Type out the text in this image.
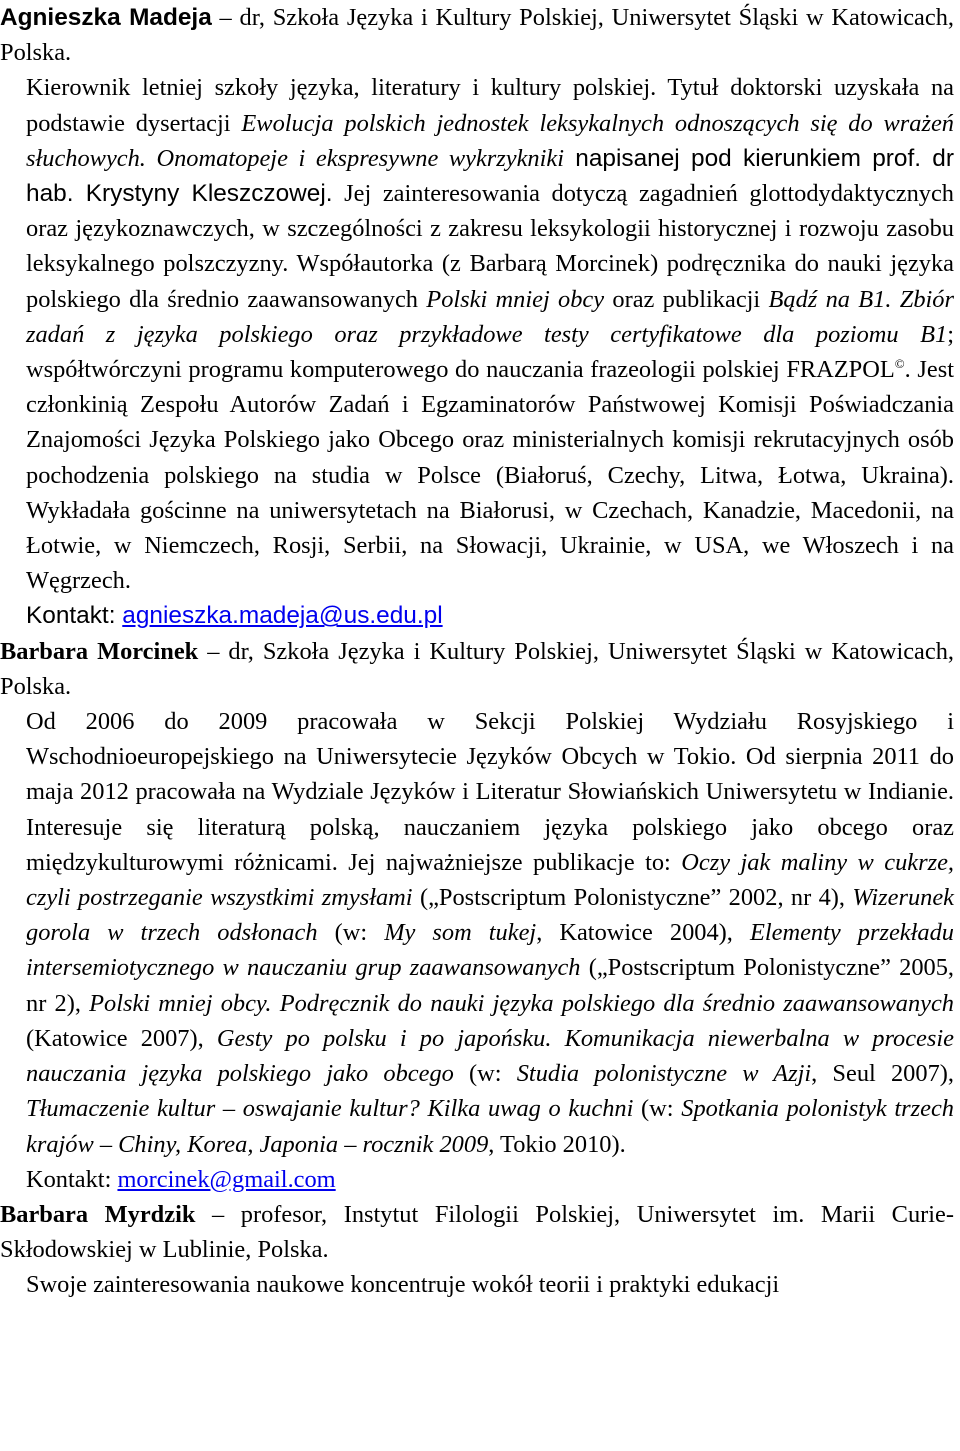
Agnieszka Madeja – dr, Szkoła Języka i Kultury Polskiej, Uniwersytet Śląski w Katowicach, Polska.

Kierownik letniej szkoły języka, literatury i kultury polskiej. Tytuł doktorski uzyskała na podstawie dysertacji Ewolucja polskich jednostek leksykalnych odnoszących się do wrażeń słuchowych. Onomatopeje i ekspresywne wykrzykniki napisanej pod kierunkiem prof. dr hab. Krystyny Kleszczowej. Jej zainteresowania dotyczą zagadnień glottodydaktycznych oraz językoznawczych, w szczególności z zakresu leksykologii historycznej i rozwoju zasobu leksykalnego polszczyzny. Współautorka (z Barbarą Morcinek) podręcznika do nauki języka polskiego dla średnio zaawansowanych Polski mniej obcy oraz publikacji Bądź na B1. Zbiór zadań z języka polskiego oraz przykładowe testy certyfikatowe dla poziomu B1; współtwórczyni programu komputerowego do nauczania frazeologii polskiej FRAZPOL©. Jest członkinią Zespołu Autorów Zadań i Egzaminatorów Państwowej Komisji Poświadczania Znajomości Języka Polskiego jako Obcego oraz ministerialnych komisji rekrutacyjnych osób pochodzenia polskiego na studia w Polsce (Białoruś, Czechy, Litwa, Łotwa, Ukraina). Wykładała gościnne na uniwersytetach na Białorusi, w Czechach, Kanadzie, Macedonii, na Łotwie, w Niemczech, Rosji, Serbii, na Słowacji, Ukrainie, w USA, we Włoszech i na Węgrzech.

Kontakt: agnieszka.madeja@us.edu.pl

Barbara Morcinek – dr, Szkoła Języka i Kultury Polskiej, Uniwersytet Śląski w Katowicach, Polska.

Od 2006 do 2009 pracowała w Sekcji Polskiej Wydziału Rosyjskiego i Wschodnioeuropejskiego na Uniwersytecie Języków Obcych w Tokio. Od sierpnia 2011 do maja 2012 pracowała na Wydziale Języków i Literatur Słowiańskich Uniwersytetu w Indianie. Interesuje się literaturą polską, nauczaniem języka polskiego jako obcego oraz międzykulturowymi różnicami. Jej najważniejsze publikacje to: Oczy jak maliny w cukrze, czyli postrzeganie wszystkimi zmysłami („Postscriptum Polonistyczne” 2002, nr 4), Wizerunek gorola w trzech odsłonach (w: My som tukej, Katowice 2004), Elementy przekładu intersemiotycznego w nauczaniu grup zaawansowanych („Postscriptum Polonistyczne” 2005, nr 2), Polski mniej obcy. Podręcznik do nauki języka polskiego dla średnio zaawansowanych (Katowice 2007), Gesty po polsku i po japońsku. Komunikacja niewerbalna w procesie nauczania języka polskiego jako obcego (w: Studia polonistyczne w Azji, Seul 2007), Tłumaczenie kultur – oswajanie kultur? Kilka uwag o kuchni (w: Spotkania polonistyk trzech krajów – Chiny, Korea, Japonia – rocznik 2009, Tokio 2010).

Kontakt: morcinek@gmail.com

Barbara Myrdzik – profesor, Instytut Filologii Polskiej, Uniwersytet im. Marii Curie-Skłodowskiej w Lublinie, Polska.

Swoje zainteresowania naukowe koncentruje wokół teorii i praktyki edukacji
